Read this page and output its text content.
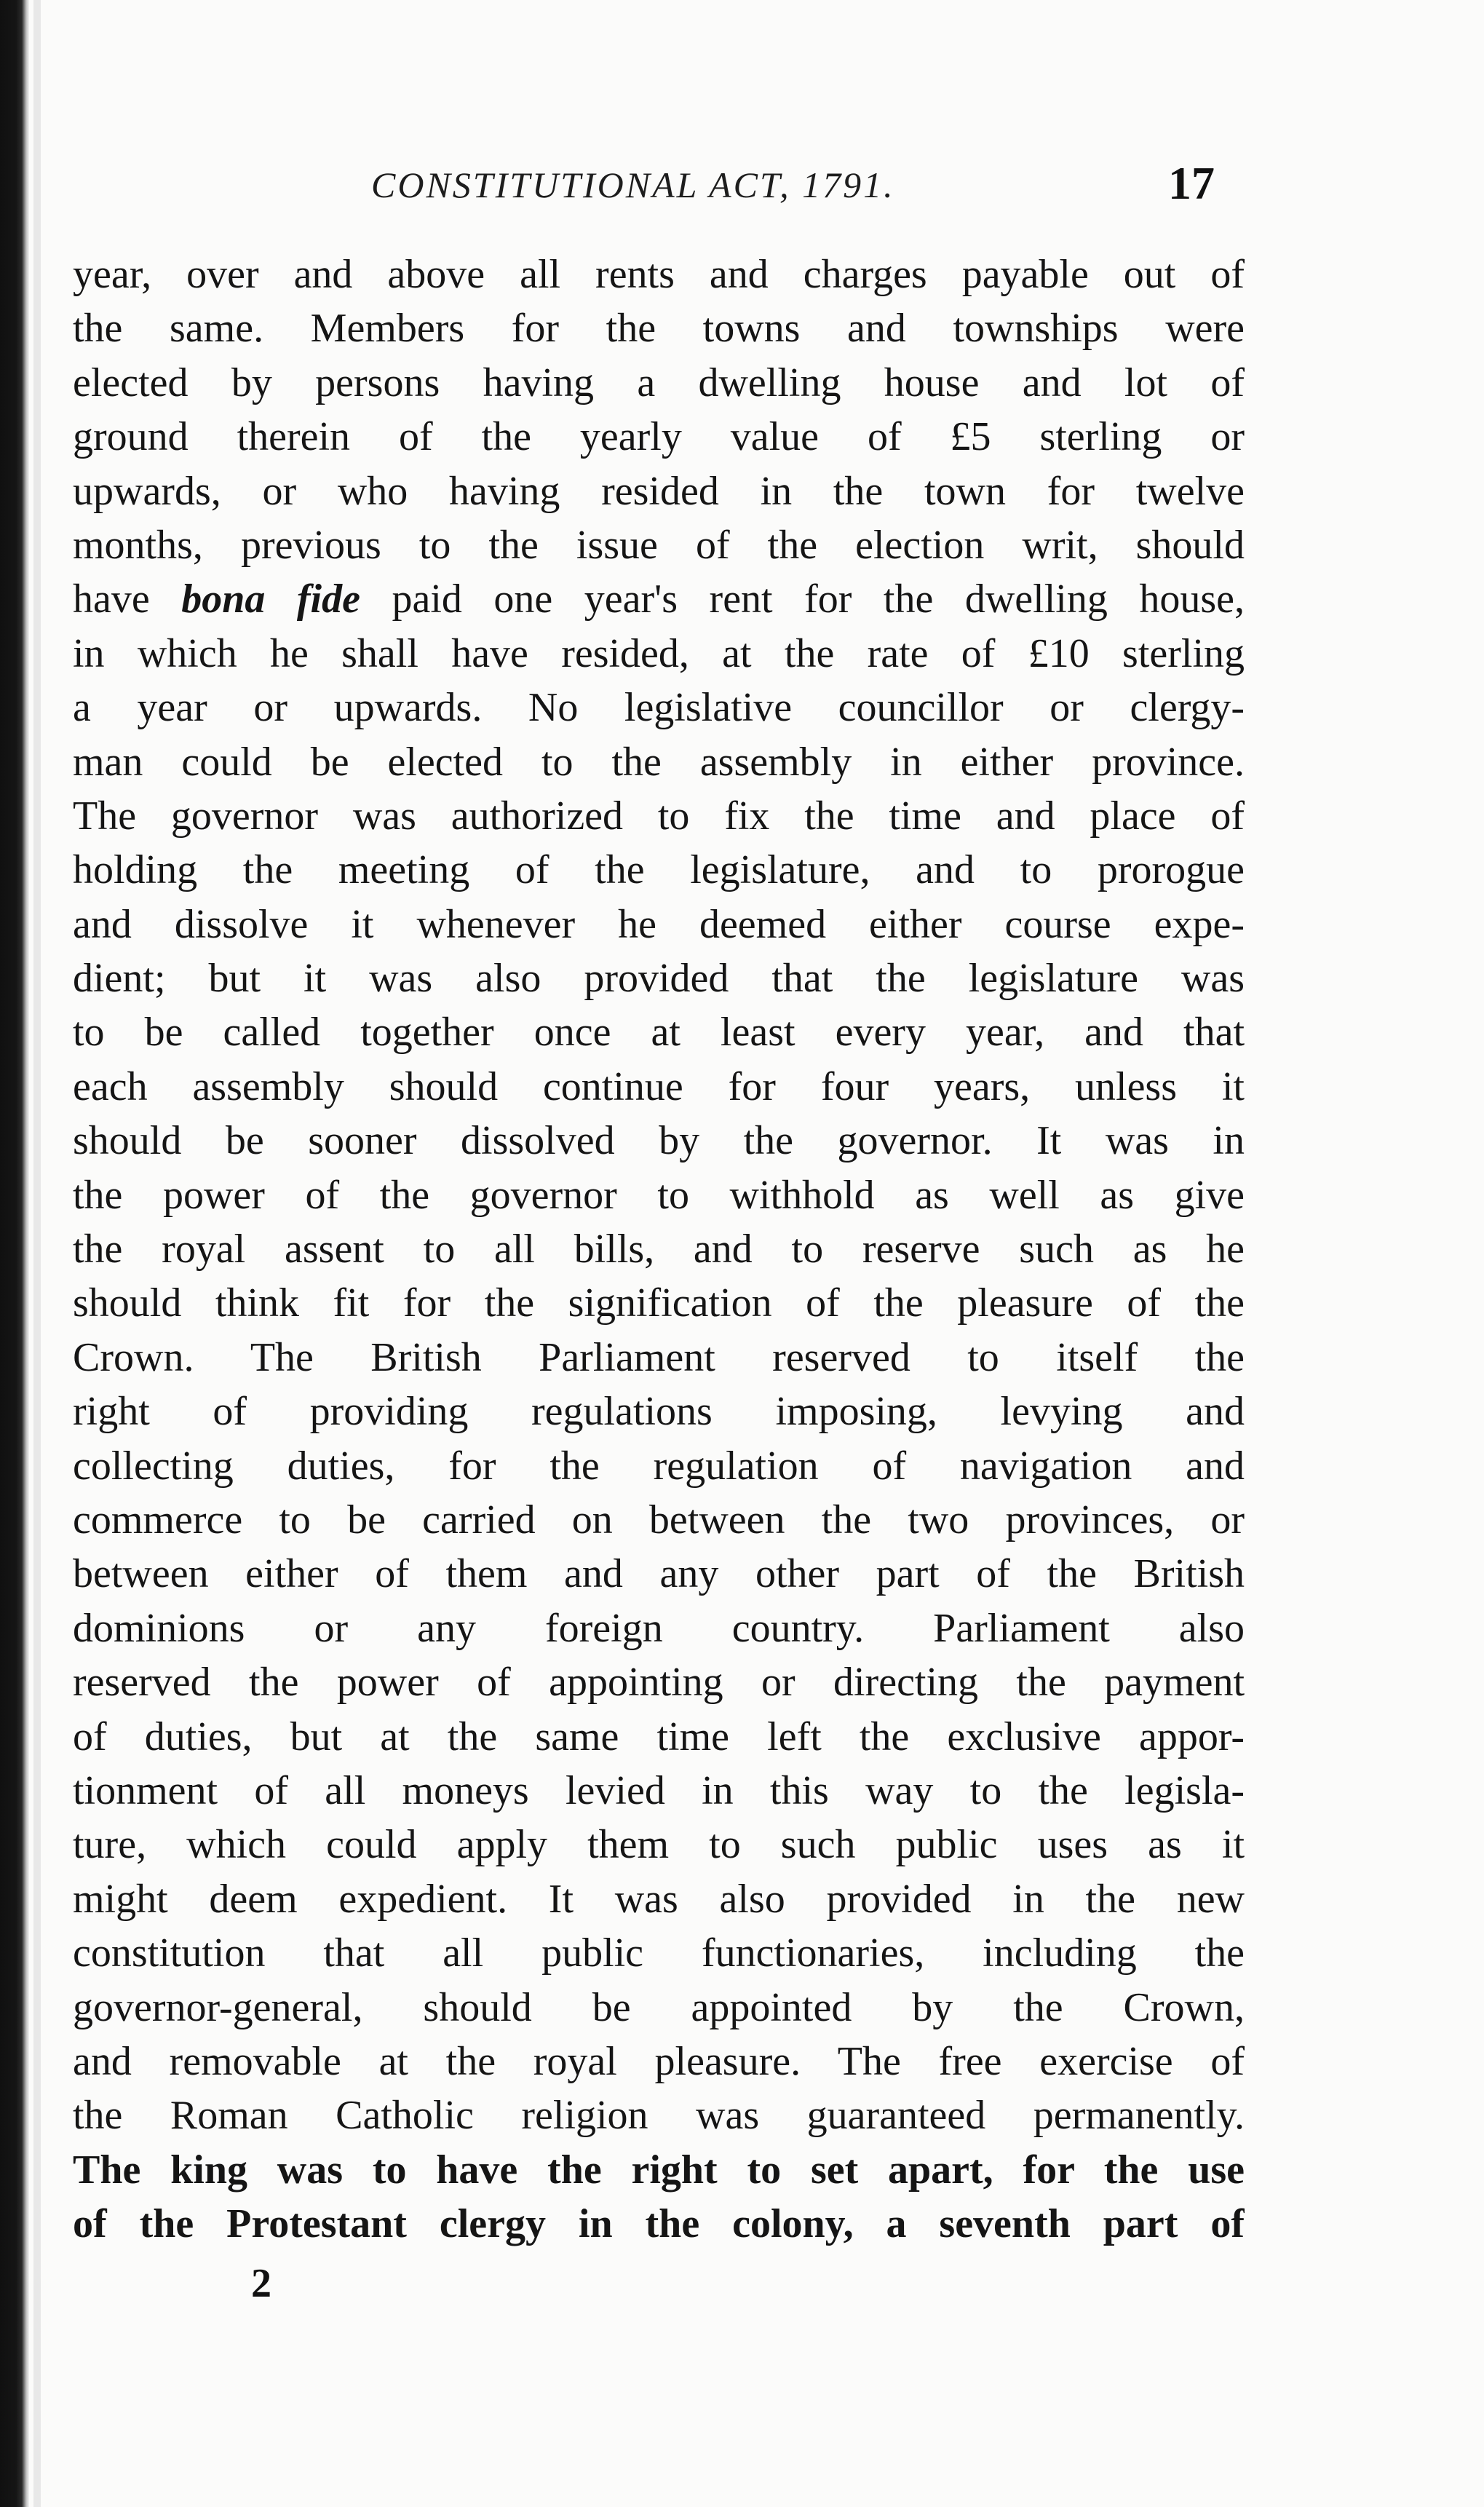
CONSTITUTIONAL ACT, 1791.	17
year, over and above all rents and charges payable out of
the same. Members for the towns and townships were
elected by persons having a dwelling house and lot of
ground therein of the yearly value of £5 sterling or
upwards, or who having resided in the town for twelve
months, previous to the issue of the election writ, should
have bona fide paid one year's rent for the dwelling house,
in which he shall have resided, at the rate of £10 sterling
a year or upwards. No legislative councillor or clergy-
man could be elected to the assembly in either province.
The governor was authorized to fix the time and place of
holding the meeting of the legislature, and to prorogue
and dissolve it whenever he deemed either course expe-
dient; but it was also provided that the legislature was
to be called together once at least every year, and that
each assembly should continue for four years, unless it
should be sooner dissolved by the governor. It was in
the power of the governor to withhold as well as give
the royal assent to all bills, and to reserve such as he
should think fit for the signification of the pleasure of the
Crown. The British Parliament reserved to itself the
right of providing regulations imposing, levying and
collecting duties, for the regulation of navigation and
commerce to be carried on between the two provinces, or
between either of them and any other part of the British
dominions or any foreign country. Parliament also
reserved the power of appointing or directing the payment
of duties, but at the same time left the exclusive appor-
tionment of all moneys levied in this way to the legisla-
ture, which could apply them to such public uses as it
might deem expedient. It was also provided in the new
constitution that all public functionaries, including the
governor-general, should be appointed by the Crown,
and removable at the royal pleasure. The free exercise of
the Roman Catholic religion was guaranteed permanently.
The king was to have the right to set apart, for the use
of the Protestant clergy in the colony, a seventh part of
2
